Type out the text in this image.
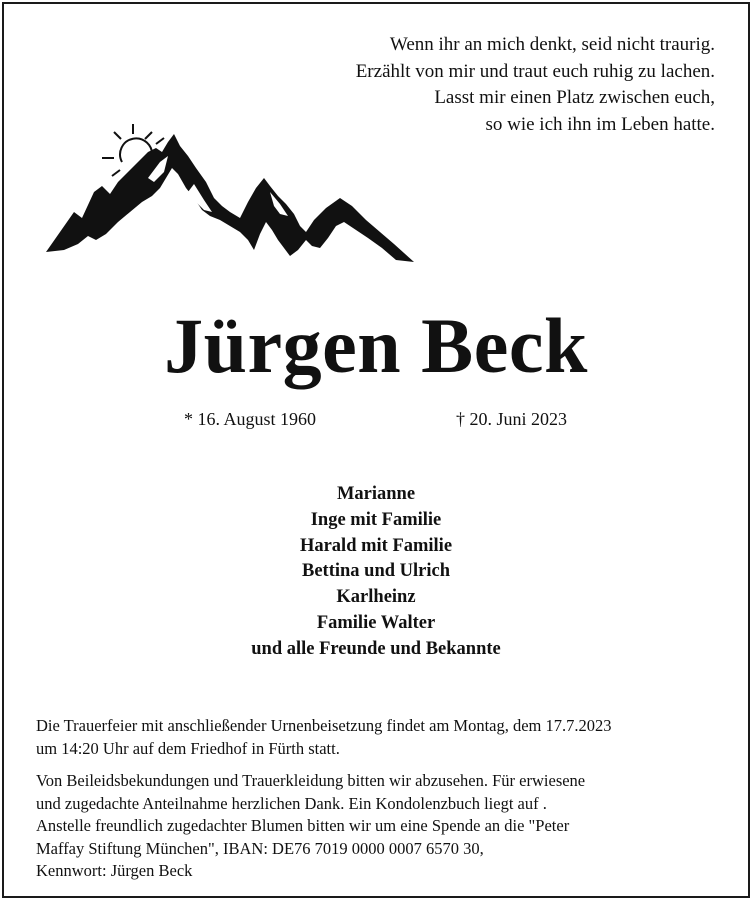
Wenn ihr an mich denkt, seid nicht traurig.
Erzählt von mir und traut euch ruhig zu lachen.
Lasst mir einen Platz zwischen euch,
so wie ich ihn im Leben hatte.
Jürgen Beck
* 16. August 1960	† 20. Juni 2023
Marianne
Inge mit Familie
Harald mit Familie
Bettina und Ulrich
Karlheinz
Familie Walter
und alle Freunde und Bekannte
Die Trauerfeier mit anschließender Urnenbeisetzung findet am Montag, dem 17.7.2023
um 14:20 Uhr auf dem Friedhof in Fürth statt.
Von Beileidsbekundungen und Trauerkleidung bitten wir abzusehen. Für erwiesene
und zugedachte Anteilnahme herzlichen Dank. Ein Kondolenzbuch liegt auf .
Anstelle freundlich zugedachter Blumen bitten wir um eine Spende an die "Peter
Maffay Stiftung München", IBAN: DE76 7019 0000 0007 6570 30,
Kennwort: Jürgen Beck
